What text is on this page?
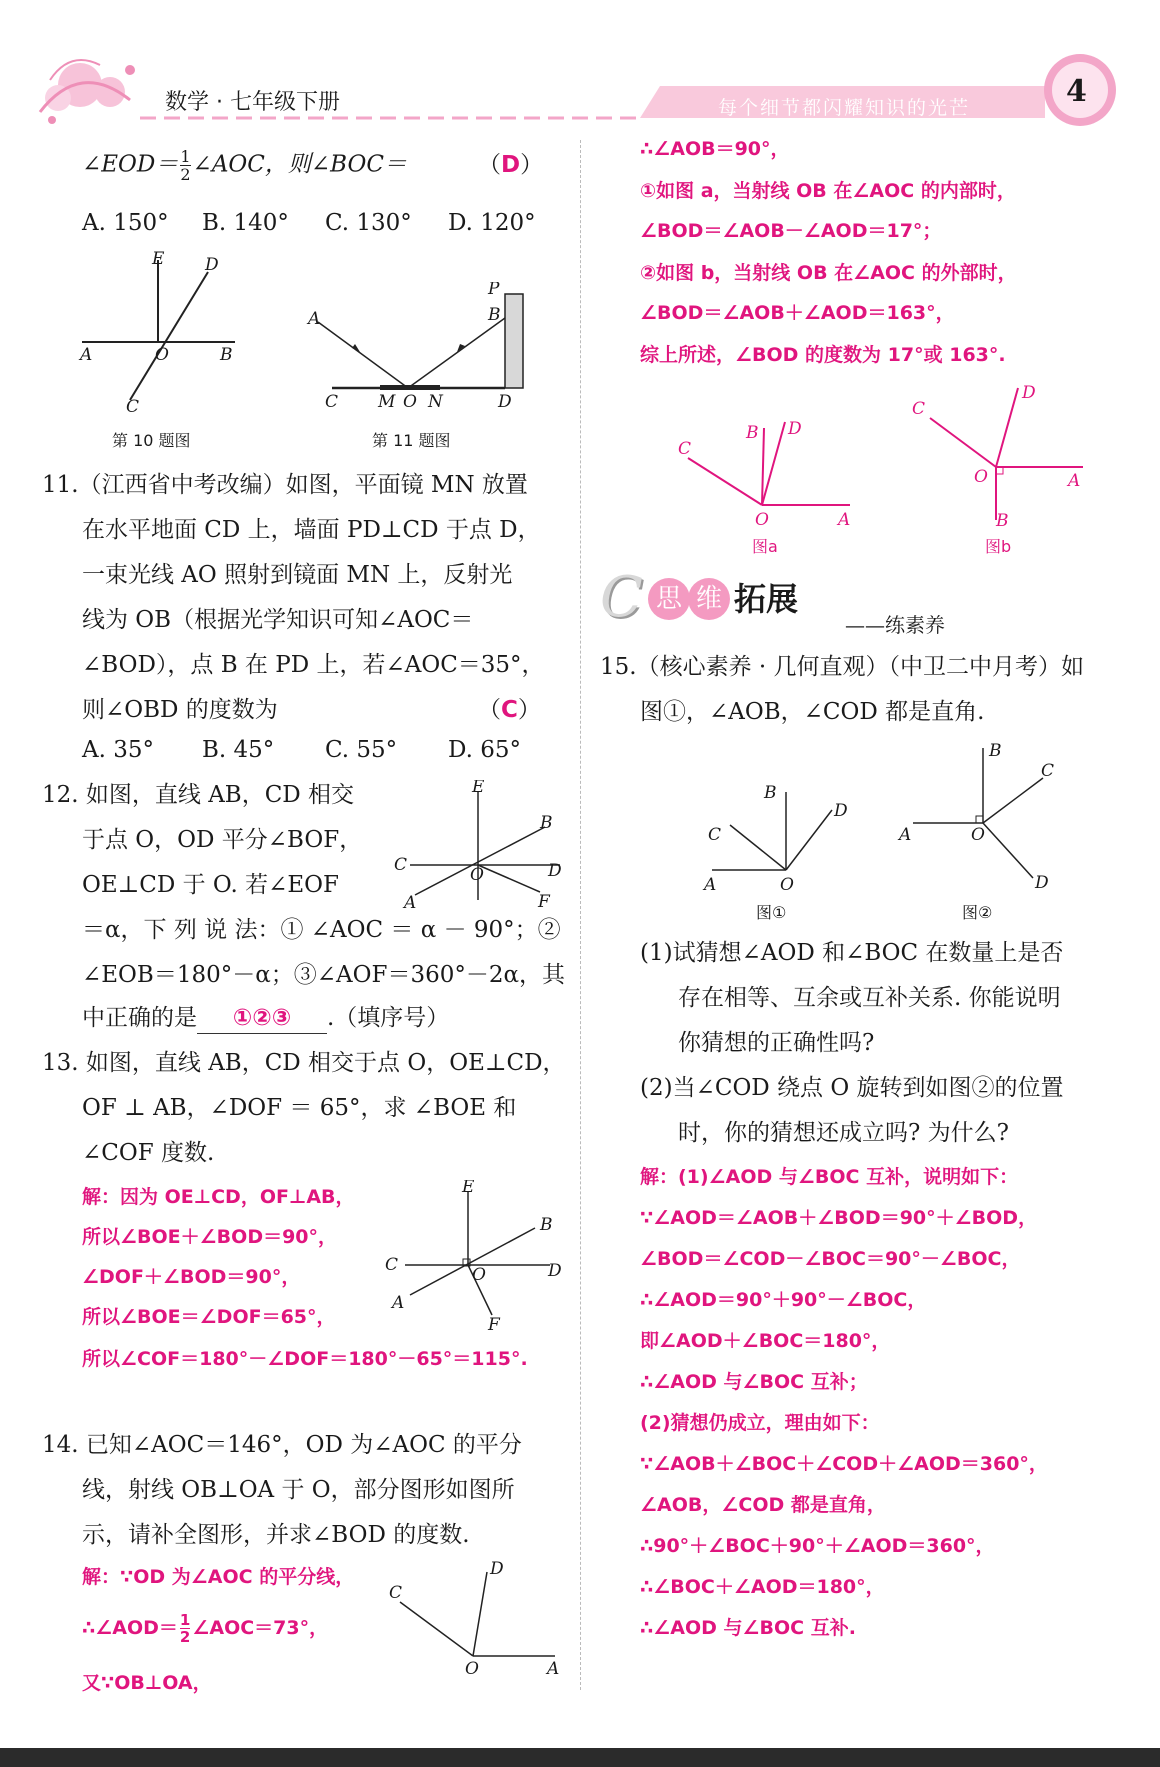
数学 · 七年级下册	每个细节都闪耀知识的光芒	4
∠EOD＝ $\frac{1}{2}$ ∠AOC，则∠BOC＝	（D）
A. 150° B. 140° C. 130° D. 120°
E D
A	O	B
C
第 10 题图
A
P
B
C M O N	D
第 11 题图
11.（江西省中考改编）如图，平面镜 MN 放置
在水平地面 CD 上，墙面 PD⊥CD 于点 D，
一束光线 AO 照射到镜面 MN 上，反射光
线为 OB（根据光学知识可知∠AOC＝
∠BOD），点 B 在 PD 上，若∠AOC＝35°，
则∠OBD 的度数为	（C）
A. 35° B. 45° C. 55° D. 65°
12. 如图，直线 AB，CD 相交
于点 O，OD 平分∠BOF，
OE⊥CD 于 O. 若∠EOF
＝α，下 列 说 法：① ∠AOC ＝ α － 90°；②
∠EOB＝180°－α；③∠AOF＝360°－2α，其
中正确的是 ①②③ .（填序号）
E
B
C	D
O
A	F
13. 如图，直线 AB，CD 相交于点 O，OE⊥CD，
OF ⊥ AB，∠DOF ＝ 65°，求 ∠BOE 和
∠COF 度数.
解：因为 OE⊥CD，OF⊥AB，
所以∠BOE＋∠BOD＝90°，
∠DOF＋∠BOD＝90°，
所以∠BOE＝∠DOF＝65°，
所以∠COF＝180°－∠DOF＝180°－65°＝115°.
E
B
C	D
O
A
F
14. 已知∠AOC＝146°，OD 为∠AOC 的平分
线，射线 OB⊥OA 于 O，部分图形如图所
示，请补全图形，并求∠BOD 的度数.
解：∵OD 为∠AOC 的平分线，
∴∠AOD＝ $\frac{1}{2}$ ∠AOC＝73°，
又∵OB⊥OA，
C
D
O	A
∴∠AOB＝90°，
①如图 a，当射线 OB 在∠AOC 的内部时，
∠BOD＝∠AOB－∠AOD＝17°；
②如图 b，当射线 OB 在∠AOC 的外部时，
∠BOD＝∠AOB＋∠AOD＝163°，
综上所述，∠BOD 的度数为 17°或 163°.
C
B D
O	A
图a
C
D
O	A
B
图b
C 思 维 拓展
——练素养
15.（核心素养 · 几何直观）（中卫二中月考）如
图①，∠AOB，∠COD 都是直角.
B
D
C
A	O
图①
B
C
A	O
D
图②
(1)试猜想∠AOD 和∠BOC 在数量上是否
存在相等、互余或互补关系. 你能说明
你猜想的正确性吗?
(2)当∠COD 绕点 O 旋转到如图②的位置
时，你的猜想还成立吗? 为什么?
解：(1)∠AOD 与∠BOC 互补，说明如下：
∵∠AOD＝∠AOB＋∠BOD＝90°＋∠BOD，
∠BOD＝∠COD－∠BOC＝90°－∠BOC，
∴∠AOD＝90°＋90°－∠BOC，
即∠AOD＋∠BOC＝180°，
∴∠AOD 与∠BOC 互补；
(2)猜想仍成立，理由如下：
∵∠AOB＋∠BOC＋∠COD＋∠AOD＝360°，
∠AOB，∠COD 都是直角，
∴90°＋∠BOC＋90°＋∠AOD＝360°，
∴∠BOC＋∠AOD＝180°，
∴∠AOD 与∠BOC 互补.
